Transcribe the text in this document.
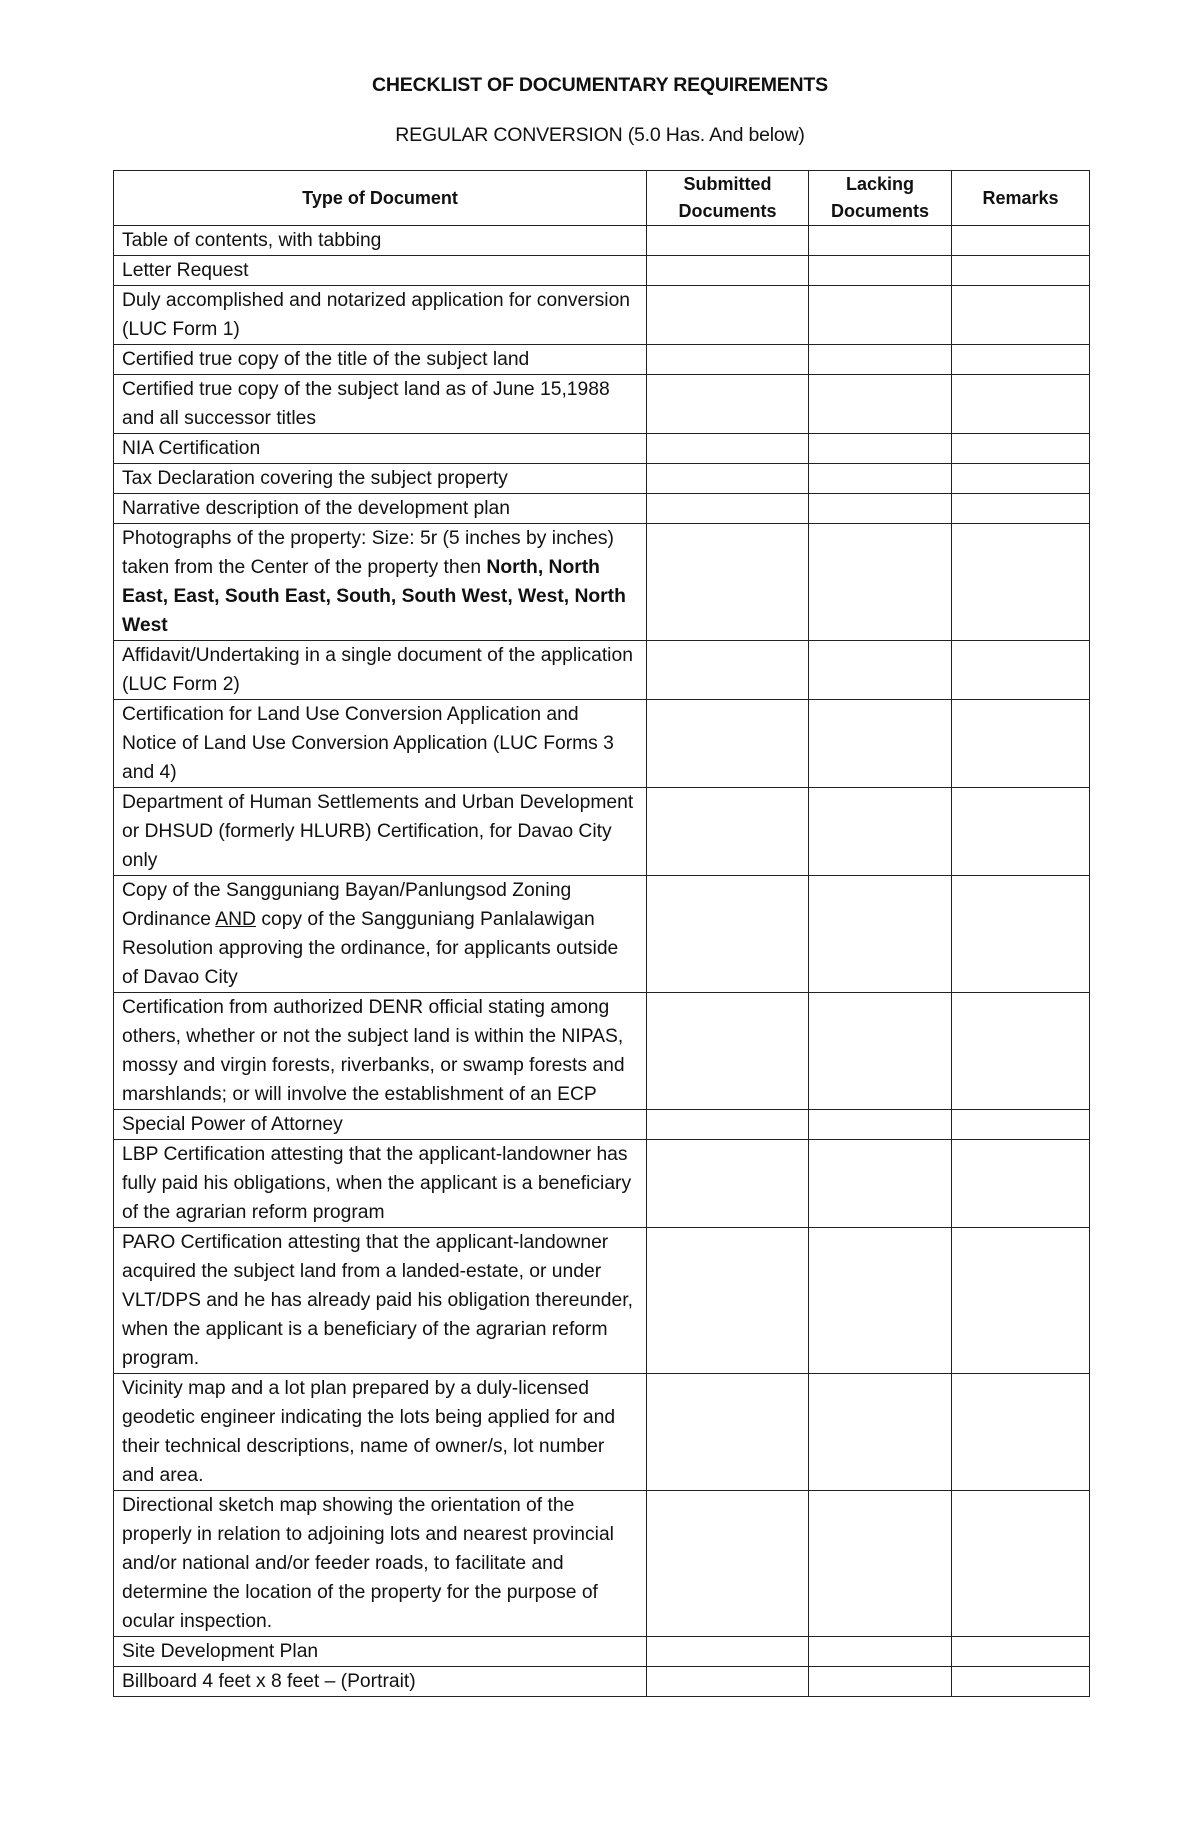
CHECKLIST OF DOCUMENTARY REQUIREMENTS
REGULAR CONVERSION (5.0 Has. And below)
Type of Document	Submitted Documents	Lacking Documents	Remarks
Table of contents, with tabbing			
Letter Request			
Duly accomplished and notarized application for conversion (LUC Form 1)			
Certified true copy of the title of the subject land			
Certified true copy of the subject land as of June 15,1988 and all successor titles			
NIA Certification			
Tax Declaration covering the subject property			
Narrative description of the development plan			
Photographs of the property: Size: 5r (5 inches by inches) taken from the Center of the property then North, North East, East, South East, South, South West, West, North West			
Affidavit/Undertaking in a single document of the application (LUC Form 2)			
Certification for Land Use Conversion Application and Notice of Land Use Conversion Application (LUC Forms 3 and 4)			
Department of Human Settlements and Urban Development or DHSUD (formerly HLURB) Certification, for Davao City only			
Copy of the Sangguniang Bayan/Panlungsod Zoning Ordinance AND copy of the Sangguniang Panlalawigan Resolution approving the ordinance, for applicants outside of Davao City			
Certification from authorized DENR official stating among others, whether or not the subject land is within the NIPAS, mossy and virgin forests, riverbanks, or swamp forests and marshlands; or will involve the establishment of an ECP			
Special Power of Attorney			
LBP Certification attesting that the applicant-landowner has fully paid his obligations, when the applicant is a beneficiary of the agrarian reform program			
PARO Certification attesting that the applicant-landowner acquired the subject land from a landed-estate, or under VLT/DPS and he has already paid his obligation thereunder, when the applicant is a beneficiary of the agrarian reform program.			
Vicinity map and a lot plan prepared by a duly-licensed geodetic engineer indicating the lots being applied for and their technical descriptions, name of owner/s, lot number and area.			
Directional sketch map showing the orientation of the properly in relation to adjoining lots and nearest provincial and/or national and/or feeder roads, to facilitate and determine the location of the property for the purpose of ocular inspection.			
Site Development Plan			
Billboard 4 feet x 8 feet – (Portrait)			
